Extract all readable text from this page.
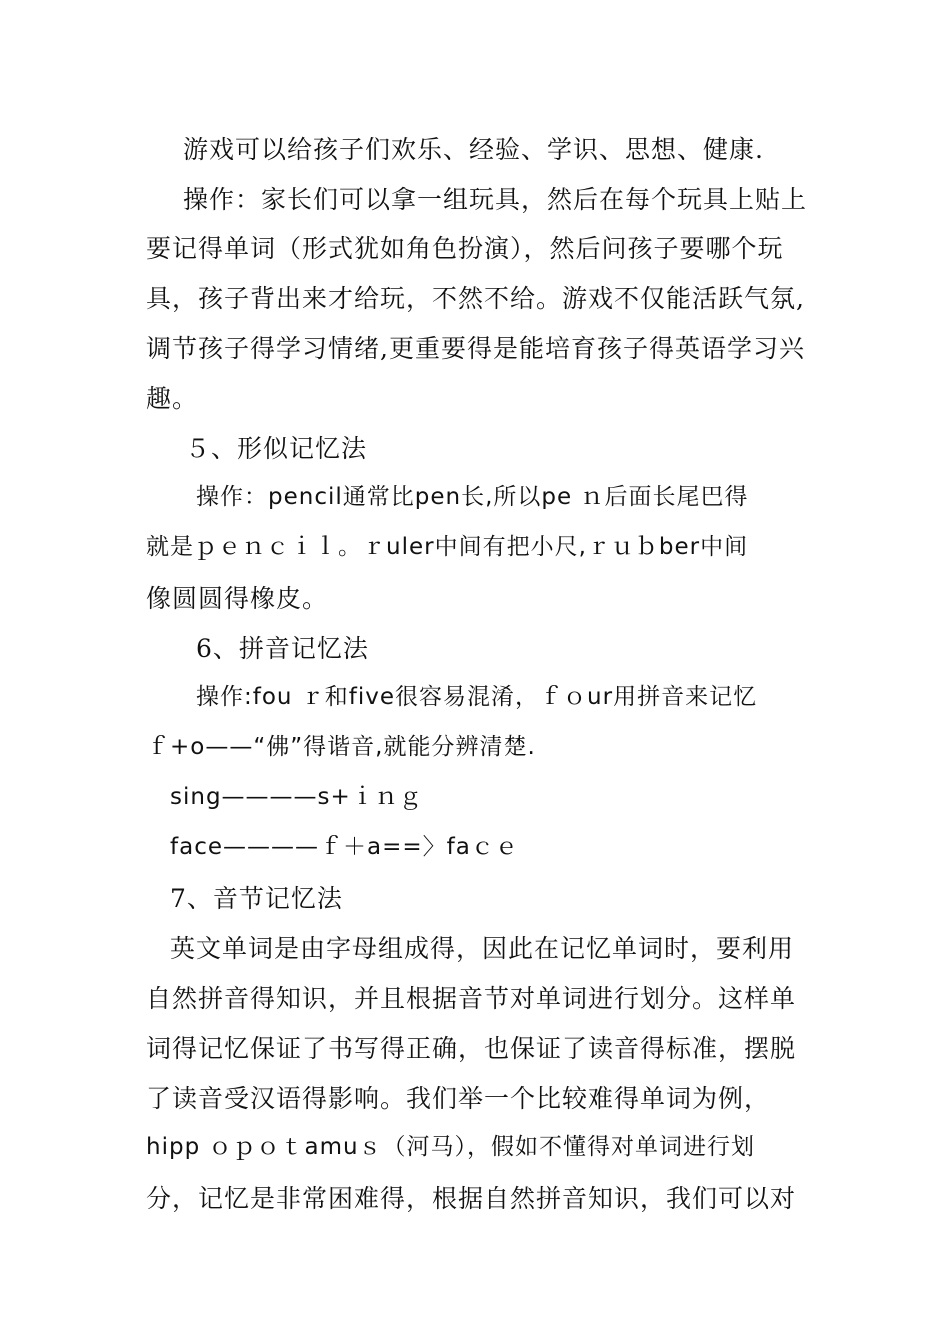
游戏可以给孩子们欢乐、经验、学识、思想、健康.
操作：家长们可以拿一组玩具，然后在每个玩具上贴上
要记得单词（形式犹如角色扮演），然后问孩子要哪个玩
具，孩子背出来才给玩，不然不给。游戏不仅能活跃气氛,
调节孩子得学习情绪,更重要得是能培育孩子得英语学习兴
趣。
５、形似记忆法
操作：pencil通常比pen长,所以pe ｎ后面长尾巴得
就是ｐｅｎｃｉｌ。ｒuler中间有把小尺,ｒｕｂber中间
像圆圆得橡皮。
6、拼音记忆法
操作:fou ｒ和five很容易混淆，ｆｏur用拼音来记忆
ｆ+o——“佛”得谐音,就能分辨清楚.
sing————s+ｉｎｇ
face————ｆ＋a==〉faｃｅ
7、音节记忆法
英文单词是由字母组成得，因此在记忆单词时，要利用
自然拼音得知识，并且根据音节对单词进行划分。这样单
词得记忆保证了书写得正确，也保证了读音得标准，摆脱
了读音受汉语得影响。我们举一个比较难得单词为例，
hipp ｏｐｏｔamuｓ（河马），假如不懂得对单词进行划
分，记忆是非常困难得，根据自然拼音知识，我们可以对
